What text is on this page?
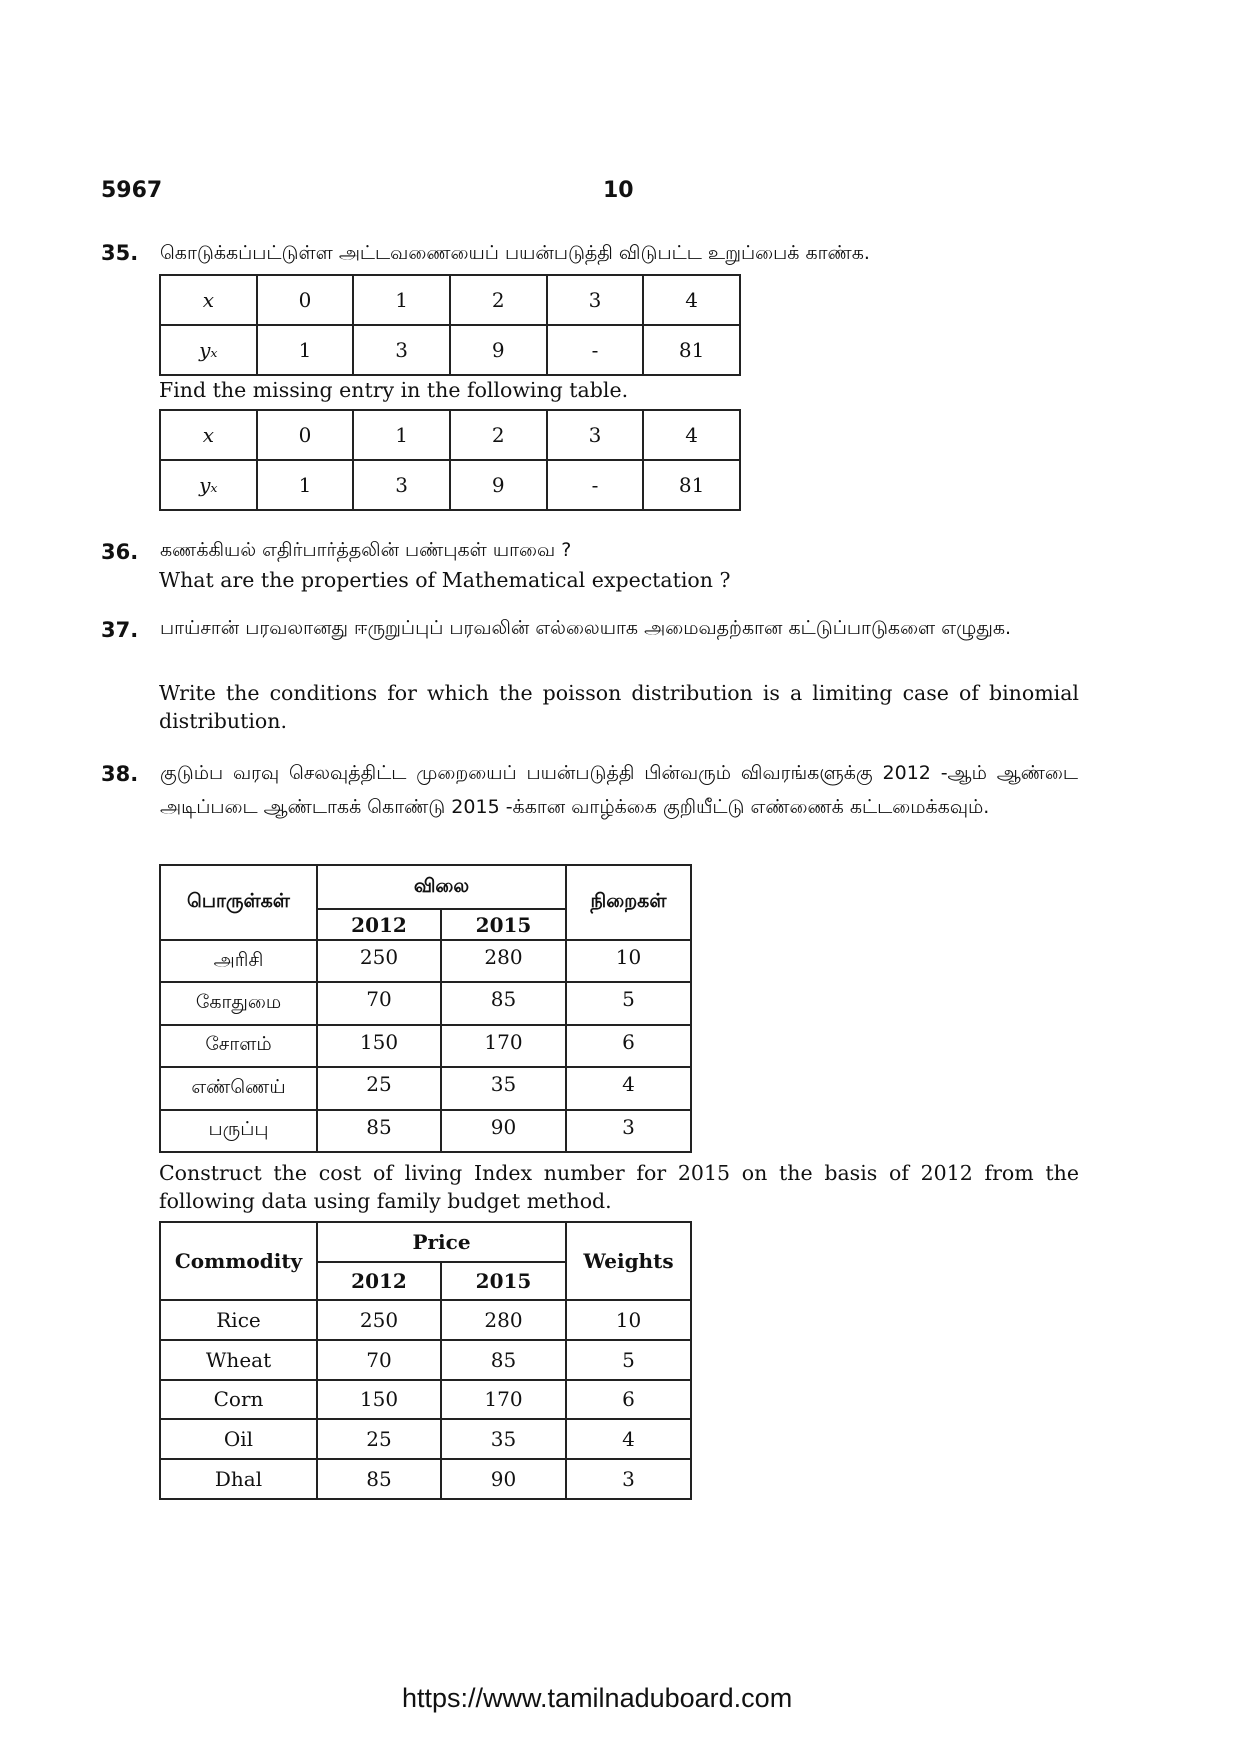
5967	10
35. கொடுக்கப்பட்டுள்ள அட்டவணையைப் பயன்படுத்தி விடுபட்ட உறுப்பைக் காண்க.
x	0	1	2	3	4
yₓ	1	3	9	-	81
Find the missing entry in the following table.
x	0	1	2	3	4
yₓ	1	3	9	-	81
36. கணக்கியல் எதிர்பார்த்தலின் பண்புகள் யாவை ?
What are the properties of Mathematical expectation ?
37. பாய்சான் பரவலானது ஈருறுப்புப் பரவலின் எல்லையாக அமைவதற்கான கட்டுப்பாடுகளை எழுதுக.
Write the conditions for which the poisson distribution is a limiting case of binomial distribution.
38. குடும்ப வரவு செலவுத்திட்ட முறையைப் பயன்படுத்தி பின்வரும் விவரங்களுக்கு 2012 -ஆம் ஆண்டை அடிப்படை ஆண்டாகக் கொண்டு 2015 -க்கான வாழ்க்கை குறியீட்டு எண்ணைக் கட்டமைக்கவும்.
பொருள்கள்	விலை		நிறைகள்
	2012	2015	
அரிசி	250	280	10
கோதுமை	70	85	5
சோளம்	150	170	6
எண்ணெய்	25	35	4
பருப்பு	85	90	3
Construct the cost of living Index number for 2015 on the basis of 2012 from the following data using family budget method.
Commodity	Price		Weights
	2012	2015	
Rice	250	280	10
Wheat	70	85	5
Corn	150	170	6
Oil	25	35	4
Dhal	85	90	3
https://www.tamilnaduboard.com
